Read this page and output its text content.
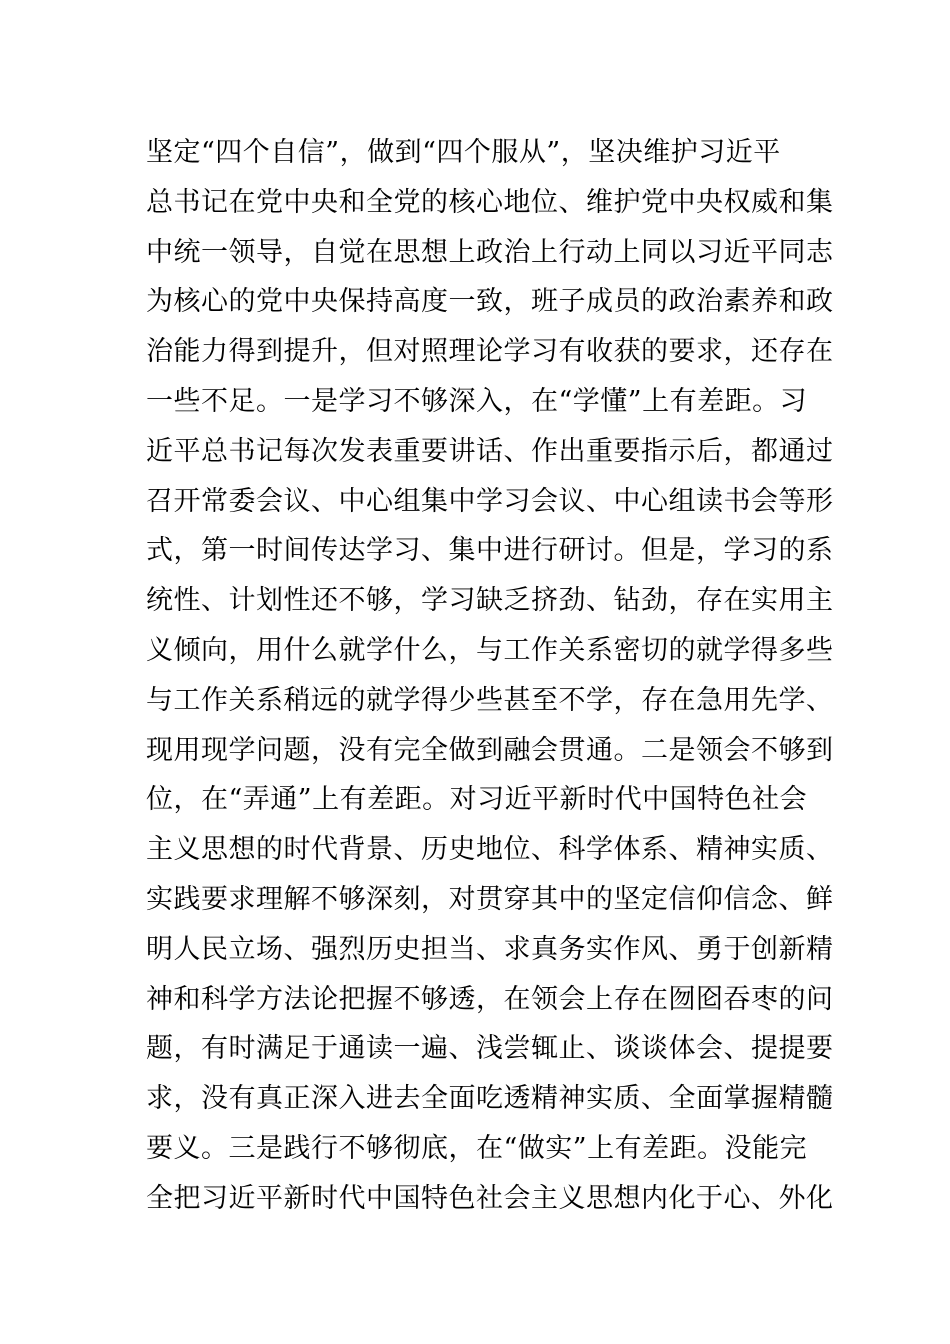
坚定“四个自信”，做到“四个服从”，坚决维护习近平
总书记在党中央和全党的核心地位、维护党中央权威和集
中统一领导，自觉在思想上政治上行动上同以习近平同志
为核心的党中央保持高度一致，班子成员的政治素养和政
治能力得到提升，但对照理论学习有收获的要求，还存在
一些不足。一是学习不够深入，在“学懂”上有差距。习
近平总书记每次发表重要讲话、作出重要指示后，都通过
召开常委会议、中心组集中学习会议、中心组读书会等形
式，第一时间传达学习、集中进行研讨。但是，学习的系
统性、计划性还不够，学习缺乏挤劲、钻劲，存在实用主
义倾向，用什么就学什么，与工作关系密切的就学得多些
与工作关系稍远的就学得少些甚至不学，存在急用先学、
现用现学问题，没有完全做到融会贯通。二是领会不够到
位，在“弄通”上有差距。对习近平新时代中国特色社会
主义思想的时代背景、历史地位、科学体系、精神实质、
实践要求理解不够深刻，对贯穿其中的坚定信仰信念、鲜
明人民立场、强烈历史担当、求真务实作风、勇于创新精
神和科学方法论把握不够透，在领会上存在囫囵吞枣的问
题，有时满足于通读一遍、浅尝辄止、谈谈体会、提提要
求，没有真正深入进去全面吃透精神实质、全面掌握精髓
要义。三是践行不够彻底，在“做实”上有差距。没能完
全把习近平新时代中国特色社会主义思想内化于心、外化
